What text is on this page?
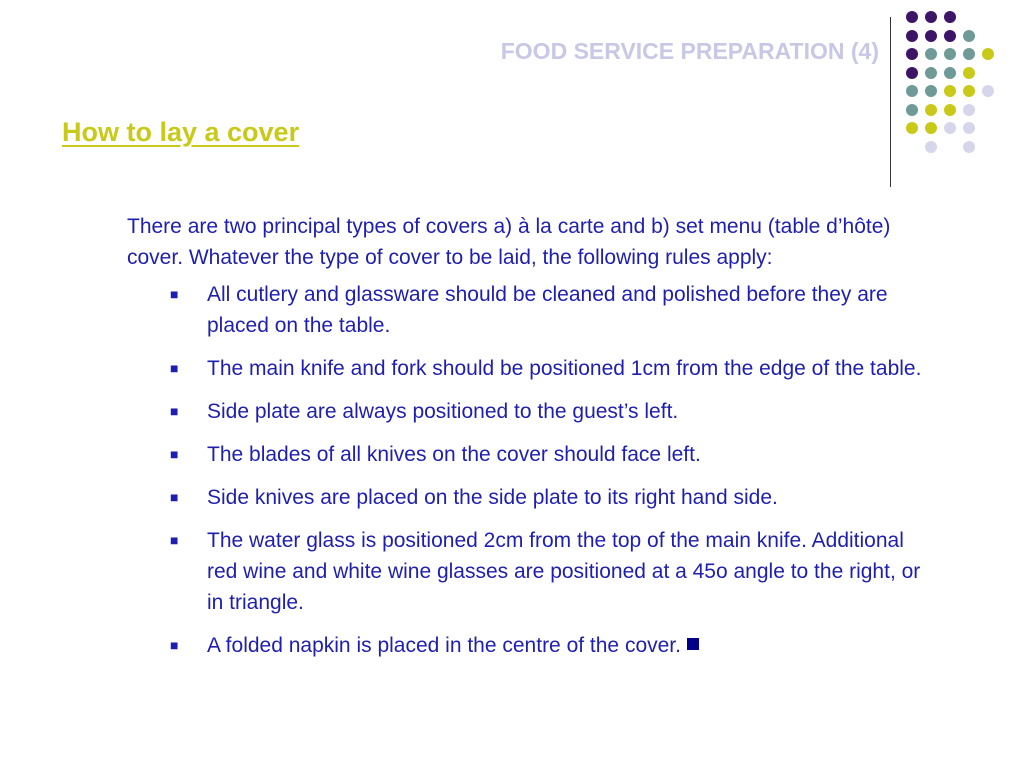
FOOD SERVICE PREPARATION (4)
How to lay a cover

There are two principal types of covers a) à la carte and b) set menu (table d’hôte) cover. Whatever the type of cover to be laid, the following rules apply:

■ All cutlery and glassware should be cleaned and polished before they are placed on the table.
■ The main knife and fork should be positioned 1cm from the edge of the table.
■ Side plate are always positioned to the guest’s left.
■ The blades of all knives on the cover should face left.
■ Side knives are placed on the side plate to its right hand side.
■ The water glass is positioned 2cm from the top of the main knife. Additional red wine and white wine glasses are positioned at a 45o angle to the right, or in triangle.
■ A folded napkin is placed in the centre of the cover.
